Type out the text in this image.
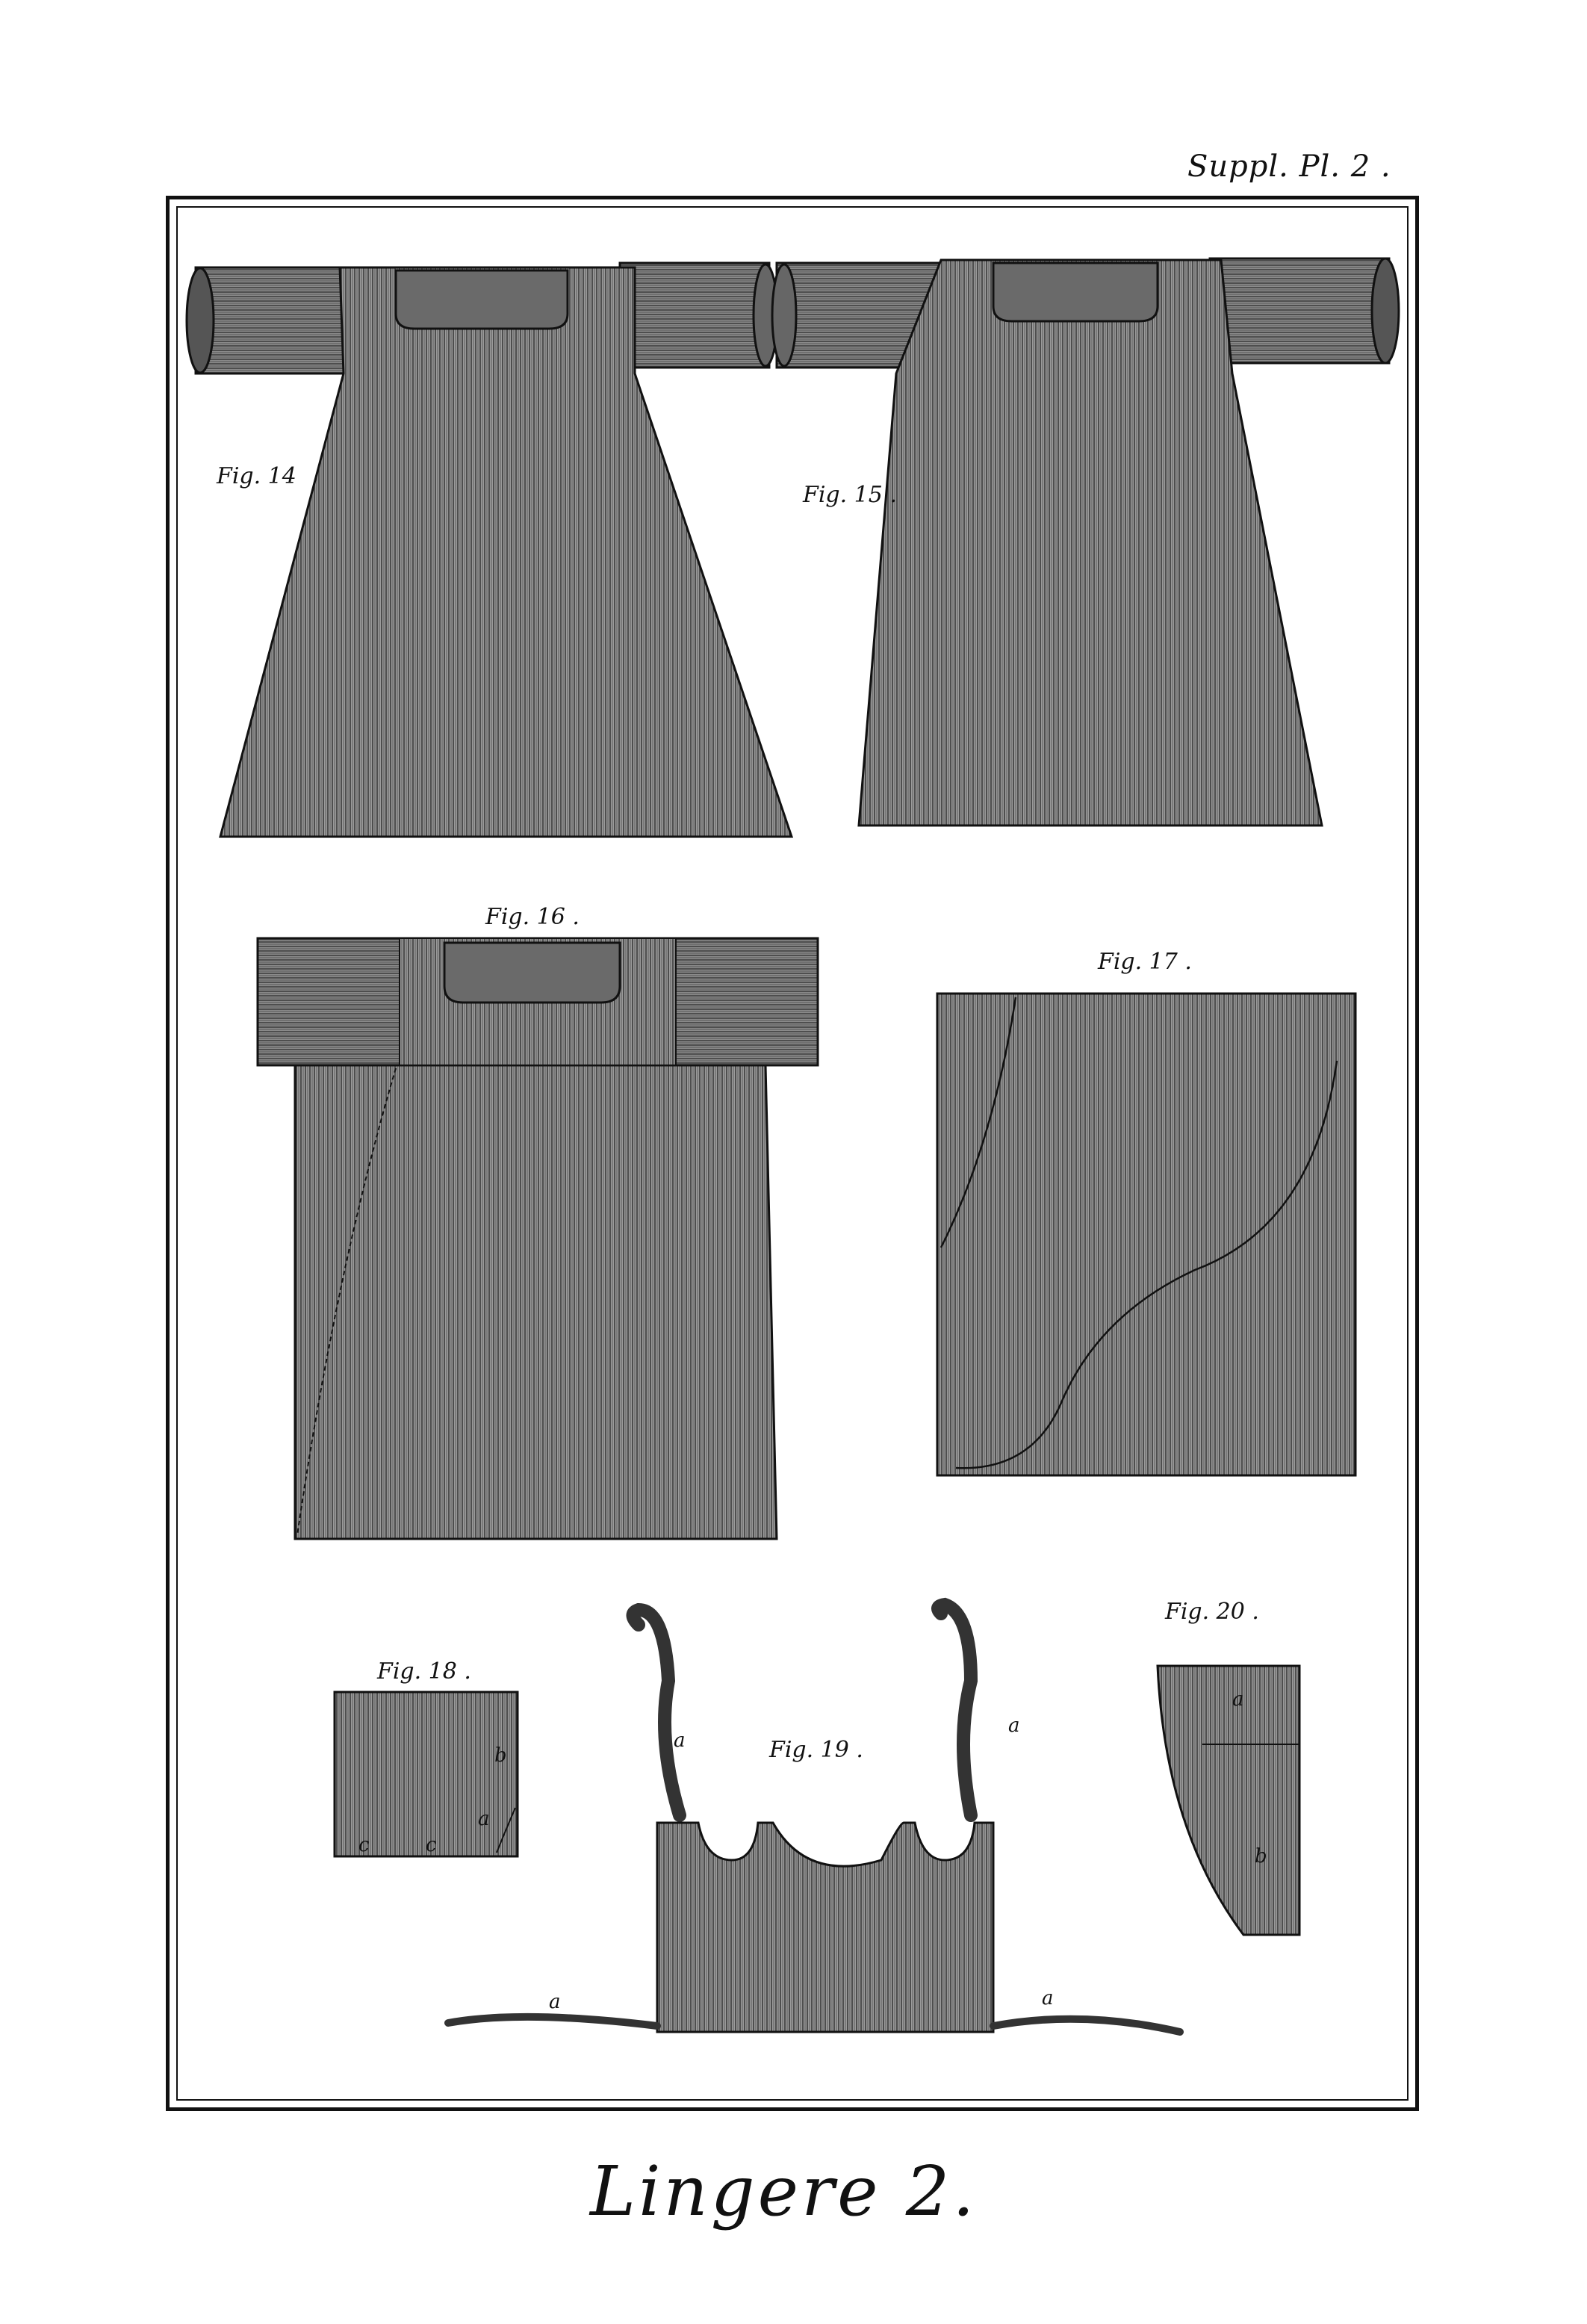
Suppl. Pl. 2 .
Fig. 14
Fig. 15 .
Fig. 16 .
Fig. 17 .
Fig. 18 .
Fig. 19 .
Fig. 20 .
b
a
c	c
a
a
a	a
a
b
Lingere 2.
